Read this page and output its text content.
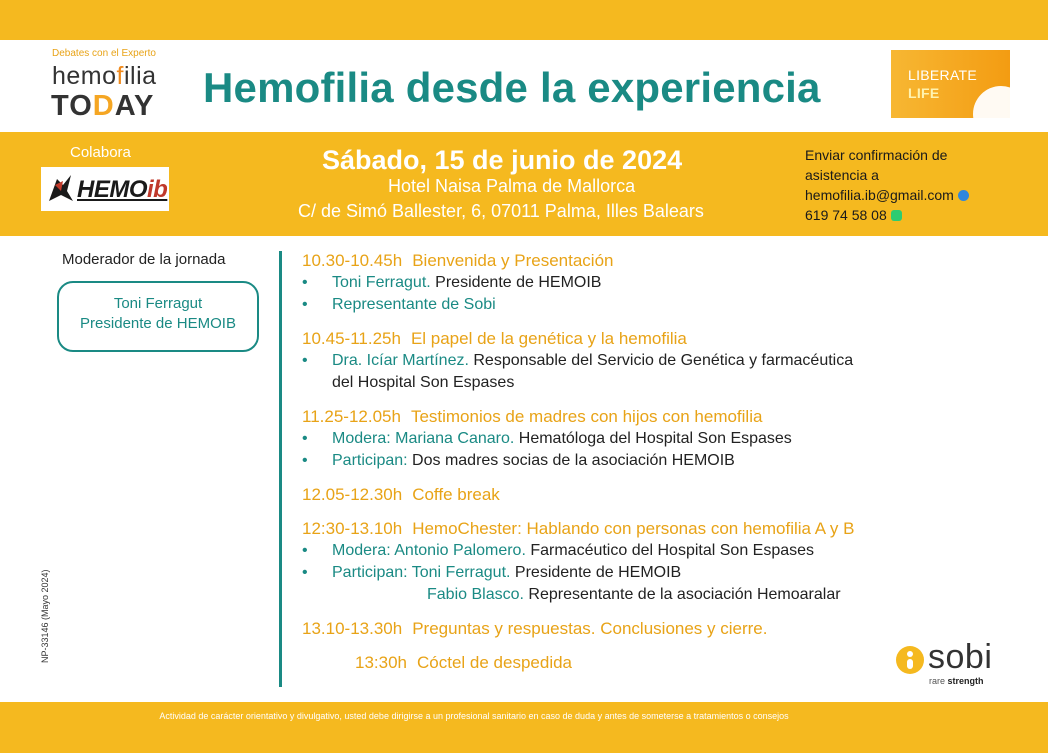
Debates con el Experto
hemofilia
TODAY Hemofilia desde la experiencia	LIBERATE
LIFE
Colabora
HEMOib
Sábado, 15 de junio de 2024
Hotel Naisa Palma de Mallorca
C/ de Simó Ballester, 6, 07011 Palma, Illes Balears
Enviar confirmación de
asistencia a
hemofilia.ib@gmail.com
619 74 58 08
Moderador de la jornada
Toni Ferragut
Presidente de HEMOIB
NP-33146 (Mayo 2024)
10.30-10.45h Bienvenida y Presentación
• Toni Ferragut. Presidente de HEMOIB
• Representante de Sobi
10.45-11.25h El papel de la genética y la hemofilia
• Dra. Icíar Martínez. Responsable del Servicio de Genética y farmacéutica
del Hospital Son Espases
11.25-12.05h Testimonios de madres con hijos con hemofilia
• Modera: Mariana Canaro. Hematóloga del Hospital Son Espases
• Participan: Dos madres socias de la asociación HEMOIB
12.05-12.30h Coffe break
12:30-13.10h HemoChester: Hablando con personas con hemofilia A y B
• Modera: Antonio Palomero. Farmacéutico del Hospital Son Espases
• Participan: Toni Ferragut. Presidente de HEMOIB
Fabio Blasco. Representante de la asociación Hemoaralar
13.10-13.30h Preguntas y respuestas. Conclusiones y cierre.
13:30h Cóctel de despedida	sobi
rare strength
Actividad de carácter orientativo y divulgativo, usted debe dirigirse a un profesional sanitario en caso de duda y antes de someterse a tratamientos o consejos
